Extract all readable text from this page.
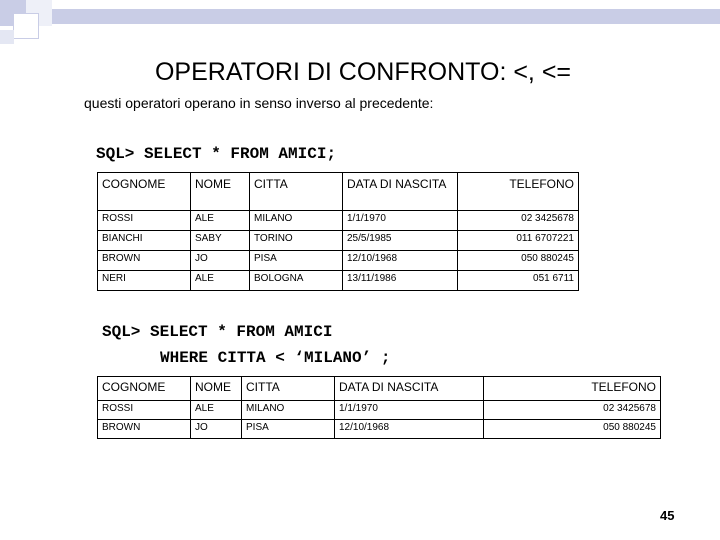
OPERATORI DI CONFRONTO: <, <=
questi operatori operano in senso inverso al precedente:
SQL> SELECT * FROM AMICI;
COGNOME	NOME	CITTA	DATA DI NASCITA	TELEFONO
ROSSI	ALE	MILANO	1/1/1970	02 3425678
BIANCHI	SABY	TORINO	25/5/1985	011 6707221
BROWN	JO	PISA	12/10/1968	050 880245
NERI	ALE	BOLOGNA	13/11/1986	051 6711
SQL> SELECT * FROM AMICI
WHERE CITTA < ‘MILANO’ ;
COGNOME	NOME	CITTA	DATA DI NASCITA	TELEFONO
ROSSI	ALE	MILANO	1/1/1970	02 3425678
BROWN	JO	PISA	12/10/1968	050 880245
45
